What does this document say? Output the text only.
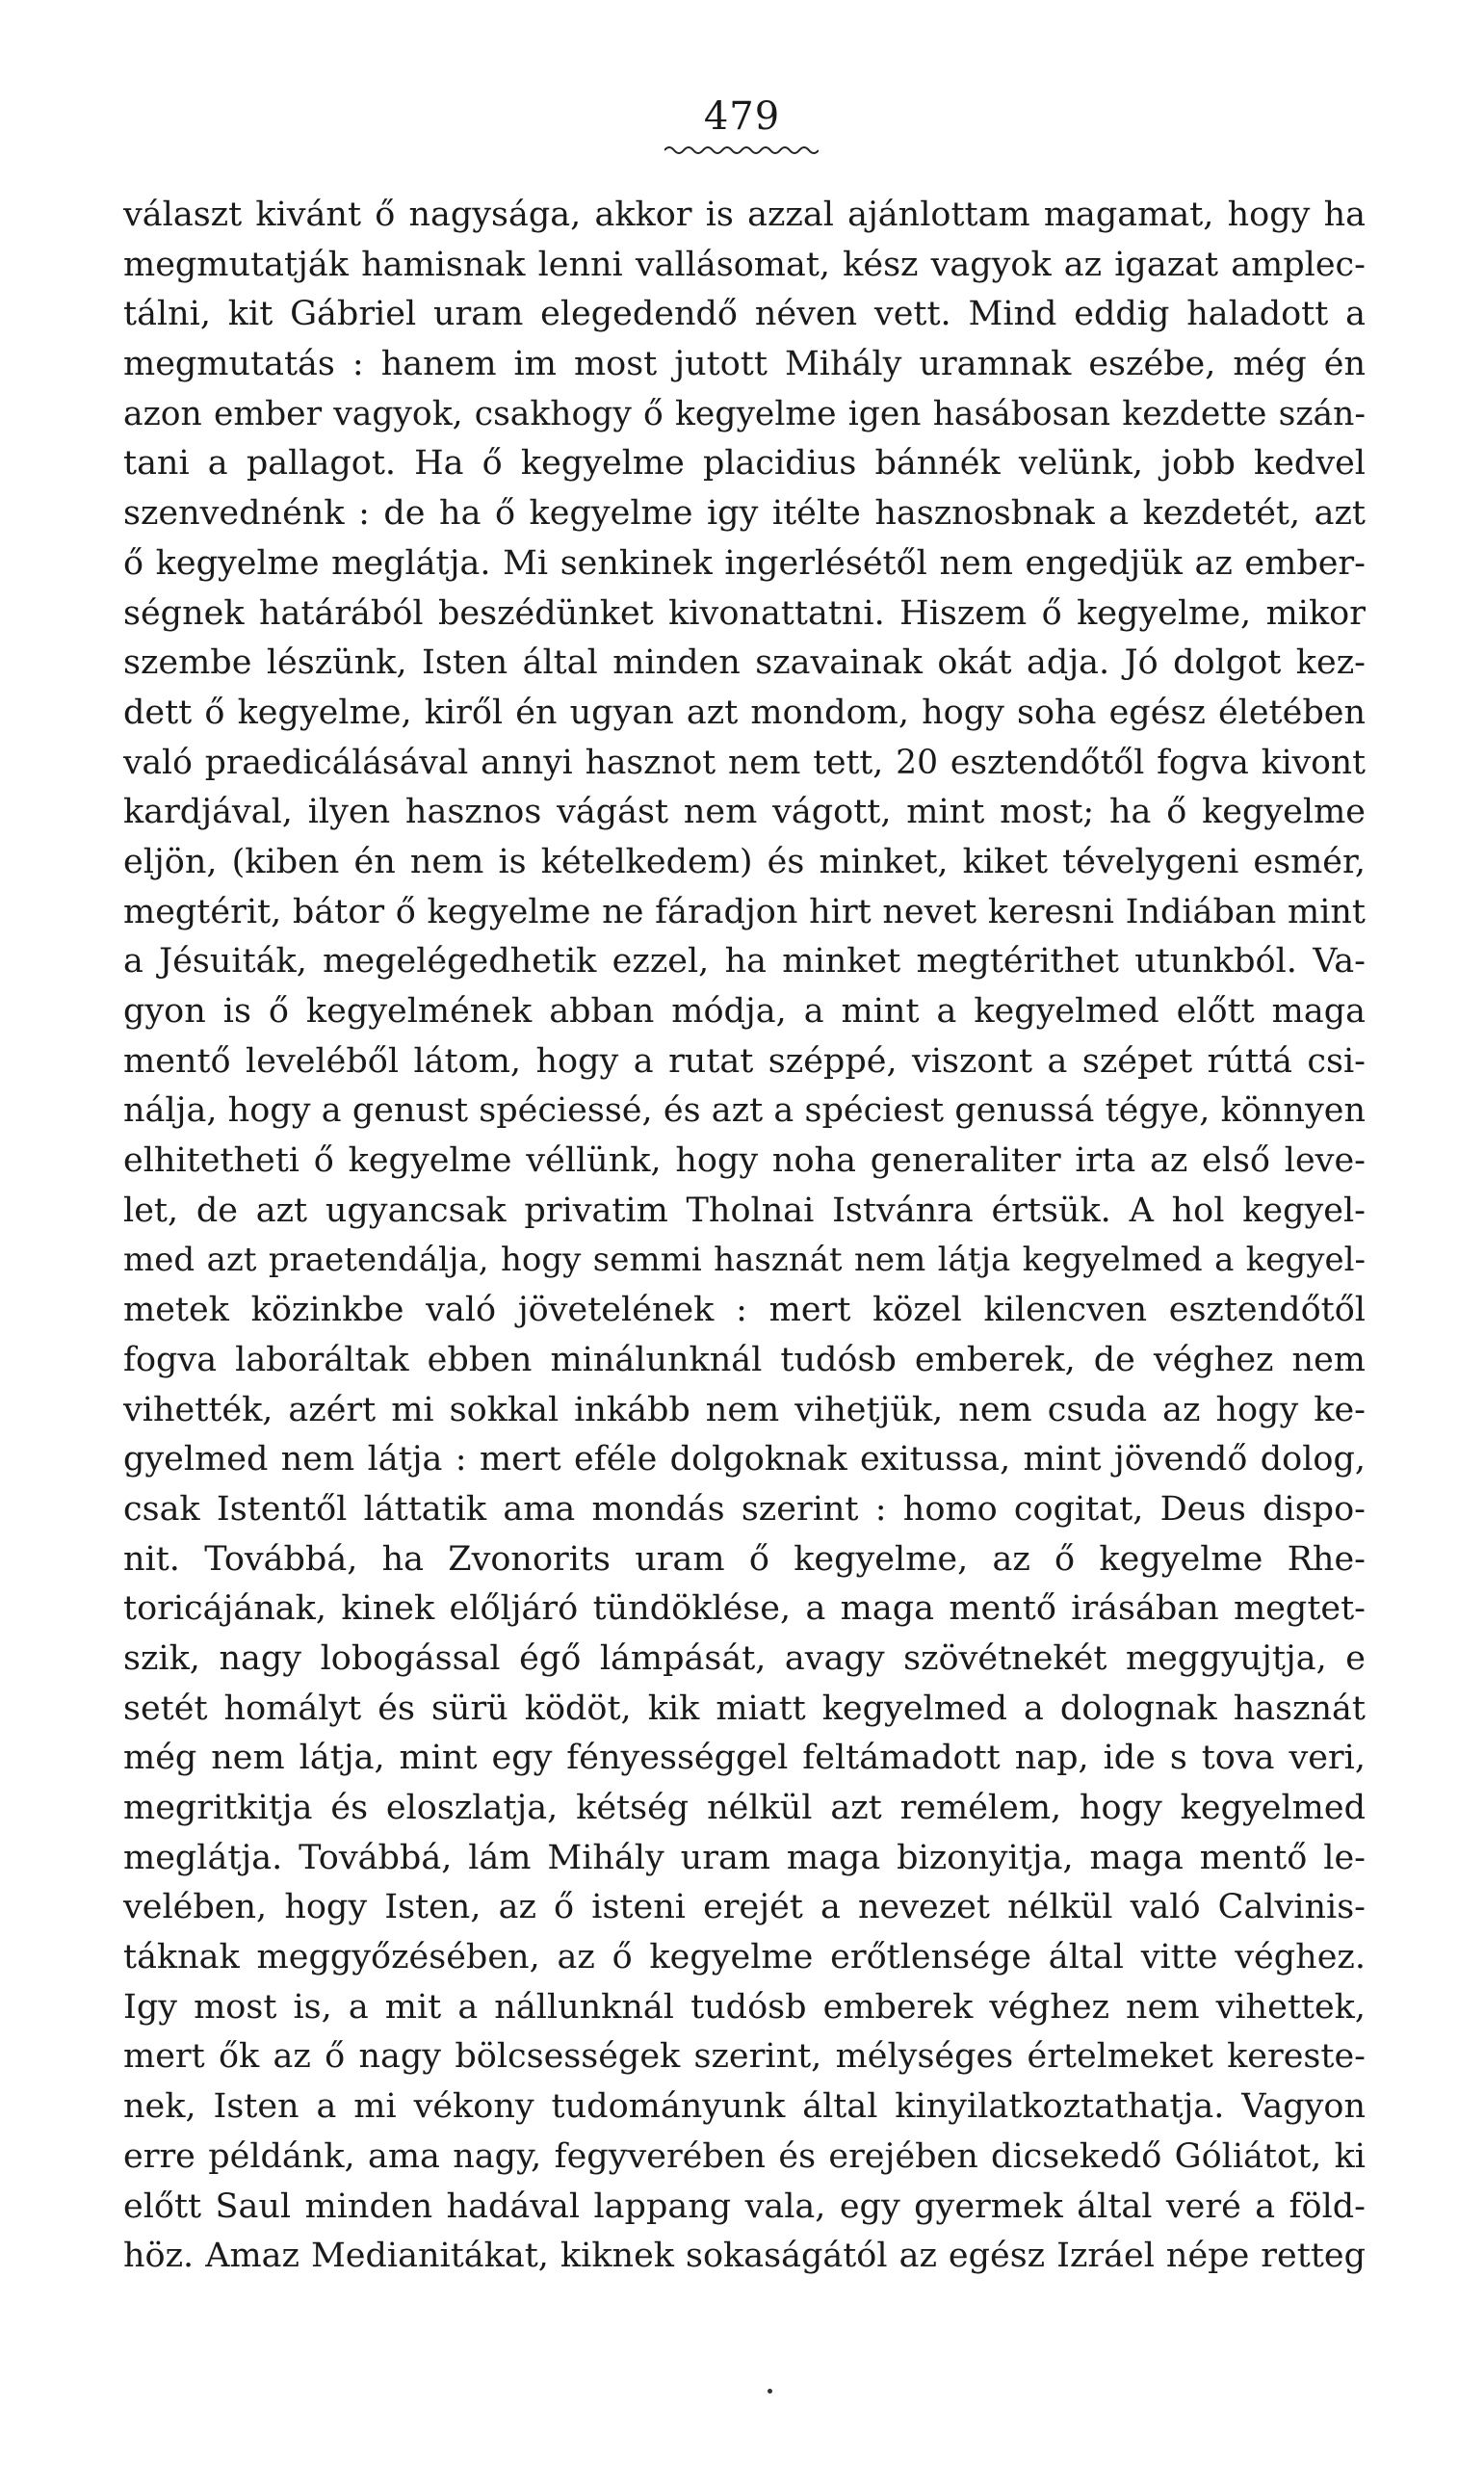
479
választ kivánt ő nagysága, akkor is azzal ajánlottam magamat, hogy ha
megmutatják hamisnak lenni vallásomat, kész vagyok az igazat amplec-
tálni, kit Gábriel uram elegedendő néven vett. Mind eddig haladott a
megmutatás : hanem im most jutott Mihály uramnak eszébe, még én
azon ember vagyok, csakhogy ő kegyelme igen hasábosan kezdette szán-
tani a pallagot. Ha ő kegyelme placidius bánnék velünk, jobb kedvel
szenvednénk : de ha ő kegyelme igy itélte hasznosbnak a kezdetét, azt
ő kegyelme meglátja. Mi senkinek ingerlésétől nem engedjük az ember-
ségnek határából beszédünket kivonattatni. Hiszem ő kegyelme, mikor
szembe lészünk, Isten által minden szavainak okát adja. Jó dolgot kez-
dett ő kegyelme, kiről én ugyan azt mondom, hogy soha egész életében
való praedicálásával annyi hasznot nem tett, 20 esztendőtől fogva kivont
kardjával, ilyen hasznos vágást nem vágott, mint most; ha ő kegyelme
eljön, (kiben én nem is kételkedem) és minket, kiket tévelygeni esmér,
megtérit, bátor ő kegyelme ne fáradjon hirt nevet keresni Indiában mint
a Jésuiták, megelégedhetik ezzel, ha minket megtérithet utunkból. Va-
gyon is ő kegyelmének abban módja, a mint a kegyelmed előtt maga
mentő leveléből látom, hogy a rutat széppé, viszont a szépet rúttá csi-
nálja, hogy a genust spéciessé, és azt a spéciest genussá tégye, könnyen
elhitetheti ő kegyelme véllünk, hogy noha generaliter irta az első leve-
let, de azt ugyancsak privatim Tholnai Istvánra értsük. A hol kegyel-
med azt praetendálja, hogy semmi hasznát nem látja kegyelmed a kegyel-
metek közinkbe való jövetelének : mert közel kilencven esztendőtől
fogva laboráltak ebben minálunknál tudósb emberek, de véghez nem
vihették, azért mi sokkal inkább nem vihetjük, nem csuda az hogy ke-
gyelmed nem látja : mert eféle dolgoknak exitussa, mint jövendő dolog,
csak Istentől láttatik ama mondás szerint : homo cogitat, Deus dispo-
nit. Továbbá, ha Zvonorits uram ő kegyelme, az ő kegyelme Rhe-
toricájának, kinek előljáró tündöklése, a maga mentő irásában megtet-
szik, nagy lobogással égő lámpását, avagy szövétnekét meggyujtja, e
setét homályt és sürü ködöt, kik miatt kegyelmed a dolognak hasznát
még nem látja, mint egy fényességgel feltámadott nap, ide s tova veri,
megritkitja és eloszlatja, kétség nélkül azt remélem, hogy kegyelmed
meglátja. Továbbá, lám Mihály uram maga bizonyitja, maga mentő le-
velében, hogy Isten, az ő isteni erejét a nevezet nélkül való Calvinis-
táknak meggyőzésében, az ő kegyelme erőtlensége által vitte véghez.
Igy most is, a mit a nállunknál tudósb emberek véghez nem vihettek,
mert ők az ő nagy bölcsességek szerint, mélységes értelmeket kereste-
nek, Isten a mi vékony tudományunk által kinyilatkoztathatja. Vagyon
erre példánk, ama nagy, fegyverében és erejében dicsekedő Góliátot, ki
előtt Saul minden hadával lappang vala, egy gyermek által veré a föld-
höz. Amaz Medianitákat, kiknek sokaságától az egész Izráel népe retteg
